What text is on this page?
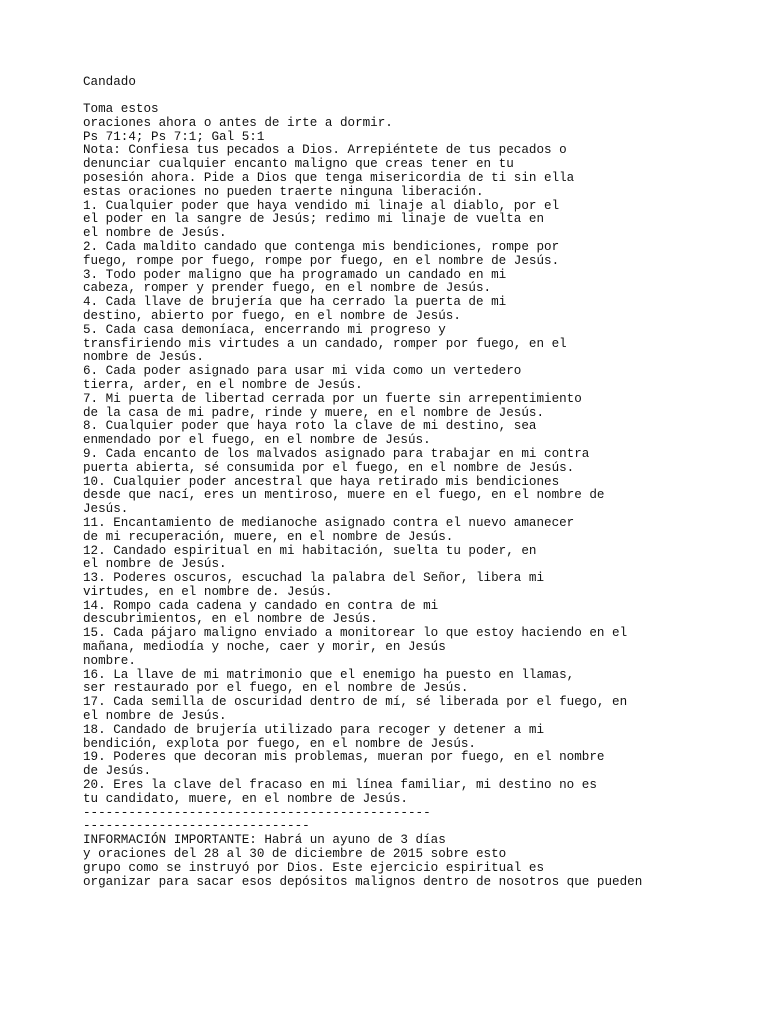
Candado
Toma estos
oraciones ahora o antes de irte a dormir.
Ps 71:4; Ps 7:1; Gal 5:1
Nota: Confiesa tus pecados a Dios. Arrepiéntete de tus pecados o
denunciar cualquier encanto maligno que creas tener en tu
posesión ahora. Pide a Dios que tenga misericordia de ti sin ella
estas oraciones no pueden traerte ninguna liberación.
1. Cualquier poder que haya vendido mi linaje al diablo, por el
el poder en la sangre de Jesús; redimo mi linaje de vuelta en
el nombre de Jesús.
2. Cada maldito candado que contenga mis bendiciones, rompe por
fuego, rompe por fuego, rompe por fuego, en el nombre de Jesús.
3. Todo poder maligno que ha programado un candado en mi
cabeza, romper y prender fuego, en el nombre de Jesús.
4. Cada llave de brujería que ha cerrado la puerta de mi
destino, abierto por fuego, en el nombre de Jesús.
5. Cada casa demoníaca, encerrando mi progreso y
transfiriendo mis virtudes a un candado, romper por fuego, en el
nombre de Jesús.
6. Cada poder asignado para usar mi vida como un vertedero
tierra, arder, en el nombre de Jesús.
7. Mi puerta de libertad cerrada por un fuerte sin arrepentimiento
de la casa de mi padre, rinde y muere, en el nombre de Jesús.
8. Cualquier poder que haya roto la clave de mi destino, sea
enmendado por el fuego, en el nombre de Jesús.
9. Cada encanto de los malvados asignado para trabajar en mi contra
puerta abierta, sé consumida por el fuego, en el nombre de Jesús.
10. Cualquier poder ancestral que haya retirado mis bendiciones
desde que nací, eres un mentiroso, muere en el fuego, en el nombre de
Jesús.
11. Encantamiento de medianoche asignado contra el nuevo amanecer
de mi recuperación, muere, en el nombre de Jesús.
12. Candado espiritual en mi habitación, suelta tu poder, en
el nombre de Jesús.
13. Poderes oscuros, escuchad la palabra del Señor, libera mi
virtudes, en el nombre de. Jesús.
14. Rompo cada cadena y candado en contra de mi
descubrimientos, en el nombre de Jesús.
15. Cada pájaro maligno enviado a monitorear lo que estoy haciendo en el
mañana, mediodía y noche, caer y morir, en Jesús
nombre.
16. La llave de mi matrimonio que el enemigo ha puesto en llamas,
ser restaurado por el fuego, en el nombre de Jesús.
17. Cada semilla de oscuridad dentro de mí, sé liberada por el fuego, en
el nombre de Jesús.
18. Candado de brujería utilizado para recoger y detener a mi
bendición, explota por fuego, en el nombre de Jesús.
19. Poderes que decoran mis problemas, mueran por fuego, en el nombre
de Jesús.
20. Eres la clave del fracaso en mi línea familiar, mi destino no es
tu candidato, muere, en el nombre de Jesús.
----------------------------------------------
------------------------------
INFORMACIÓN IMPORTANTE: Habrá un ayuno de 3 días
y oraciones del 28 al 30 de diciembre de 2015 sobre esto
grupo como se instruyó por Dios. Este ejercicio espiritual es
organizar para sacar esos depósitos malignos dentro de nosotros que pueden
